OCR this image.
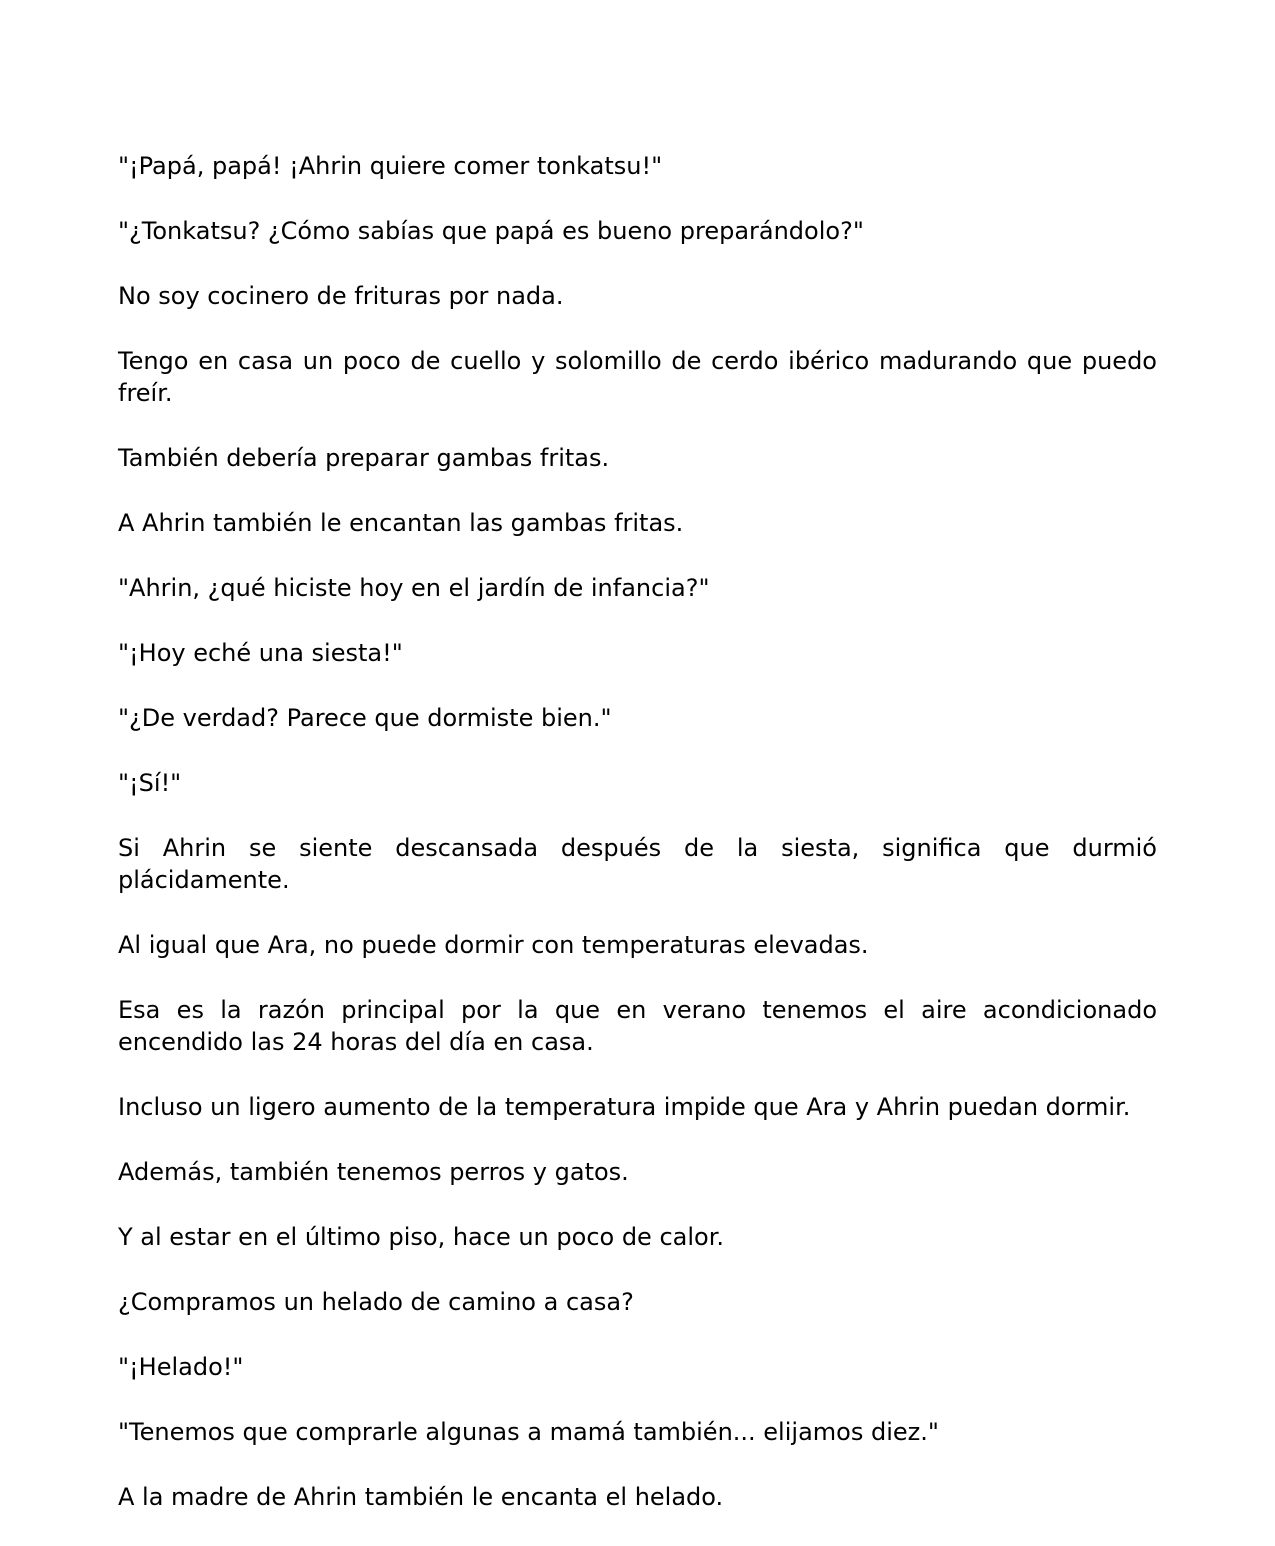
"¡Papá, papá! ¡Ahrin quiere comer tonkatsu!"

"¿Tonkatsu? ¿Cómo sabías que papá es bueno preparándolo?"

No soy cocinero de frituras por nada.

Tengo en casa un poco de cuello y solomillo de cerdo ibérico madurando que puedo freír.

También debería preparar gambas fritas.

A Ahrin también le encantan las gambas fritas.

"Ahrin, ¿qué hiciste hoy en el jardín de infancia?"

"¡Hoy eché una siesta!"

"¿De verdad? Parece que dormiste bien."

"¡Sí!"

Si Ahrin se siente descansada después de la siesta, significa que durmió plácidamente.

Al igual que Ara, no puede dormir con temperaturas elevadas.

Esa es la razón principal por la que en verano tenemos el aire acondicionado encendido las 24 horas del día en casa.

Incluso un ligero aumento de la temperatura impide que Ara y Ahrin puedan dormir.

Además, también tenemos perros y gatos.

Y al estar en el último piso, hace un poco de calor.

¿Compramos un helado de camino a casa?

"¡Helado!"

"Tenemos que comprarle algunas a mamá también... elijamos diez."

A la madre de Ahrin también le encanta el helado.
